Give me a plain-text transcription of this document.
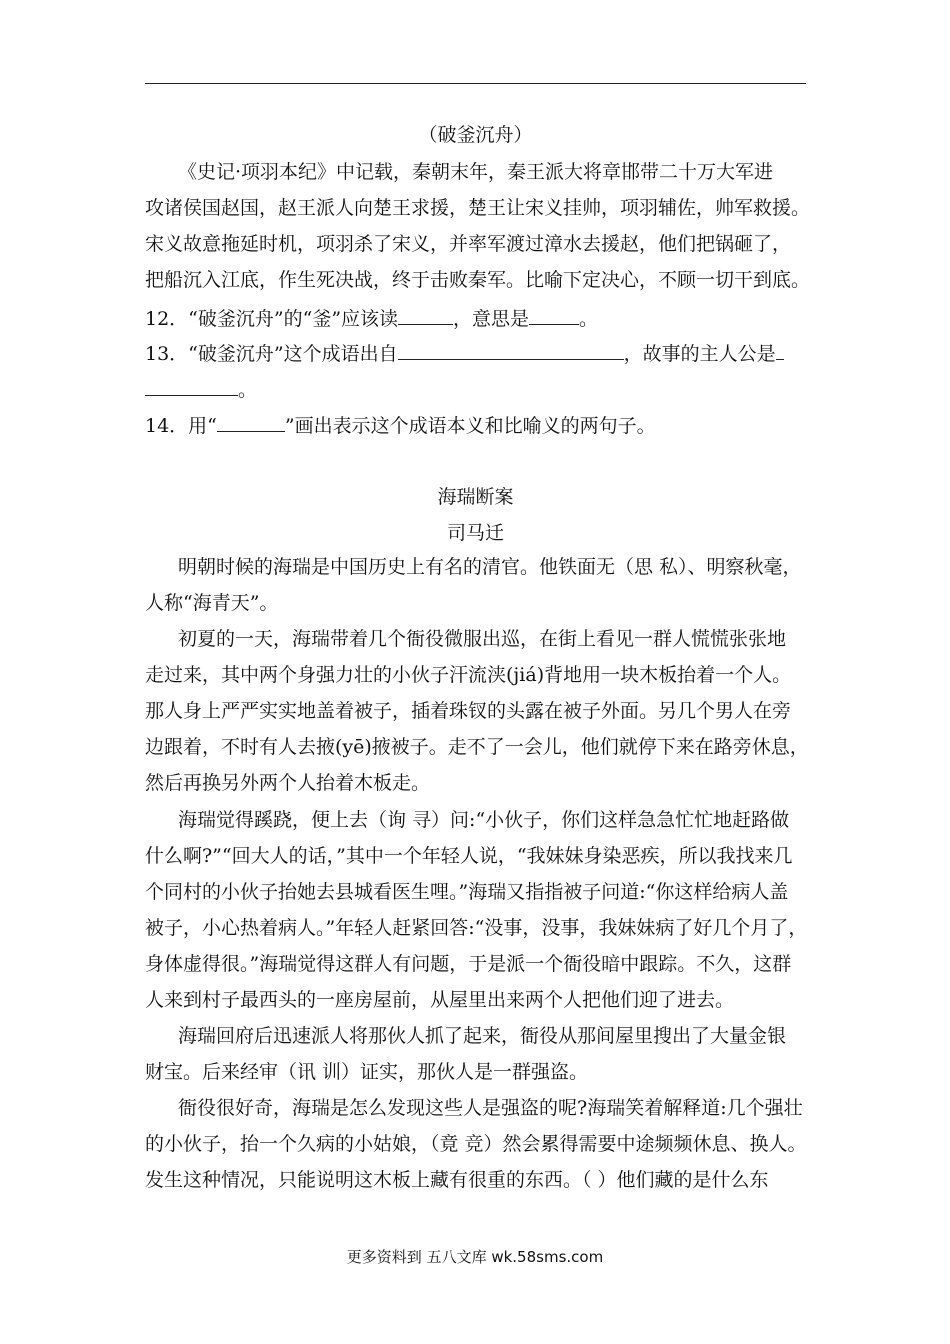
（破釜沉舟）
《史记·项羽本纪》中记载，秦朝末年，秦王派大将章邯带二十万大军进
攻诸侯国赵国，赵王派人向楚王求援，楚王让宋义挂帅，项羽辅佐，帅军救援。
宋义故意拖延时机，项羽杀了宋义，并率军渡过漳水去援赵，他们把锅砸了，
把船沉入江底，作生死决战，终于击败秦军。比喻下定决心，不顾一切干到底。
12．“破釜沉舟”的“釜”应该读	，意思是	。
13．“破釜沉舟”这个成语出自	，故事的主人公是
。
14．用“	”画出表示这个成语本义和比喻义的两句子。
海瑞断案
司马迁
明朝时候的海瑞是中国历史上有名的清官。他铁面无（思 私）、明察秋毫，
人称“海青天”。
初夏的一天，海瑞带着几个衙役微服出巡，在街上看见一群人慌慌张张地
走过来，其中两个身强力壮的小伙子汗流浃(jiá)背地用一块木板抬着一个人。
那人身上严严实实地盖着被子，插着珠钗的头露在被子外面。另几个男人在旁
边跟着，不时有人去掖(yē)掖被子。走不了一会儿，他们就停下来在路旁休息，
然后再换另外两个人抬着木板走。
海瑞觉得蹊跷，便上去（询 寻）问:“小伙子，你们这样急急忙忙地赶路做
什么啊?”“回大人的话，”其中一个年轻人说，“我妹妹身染恶疾，所以我找来几
个同村的小伙子抬她去县城看医生哩。”海瑞又指指被子问道:“你这样给病人盖
被子，小心热着病人。”年轻人赶紧回答:“没事，没事，我妹妹病了好几个月了，
身体虚得很。”海瑞觉得这群人有问题，于是派一个衙役暗中跟踪。不久，这群
人来到村子最西头的一座房屋前，从屋里出来两个人把他们迎了进去。
海瑞回府后迅速派人将那伙人抓了起来，衙役从那间屋里搜出了大量金银
财宝。后来经审（讯 训）证实，那伙人是一群强盗。
衙役很好奇，海瑞是怎么发现这些人是强盗的呢?海瑞笑着解释道:几个强壮
的小伙子，抬一个久病的小姑娘，（竟 竞）然会累得需要中途频频休息、换人。
发生这种情况，只能说明这木板上藏有很重的东西。（ ）他们藏的是什么东
更多资料到 五八文库 wk.58sms.com
